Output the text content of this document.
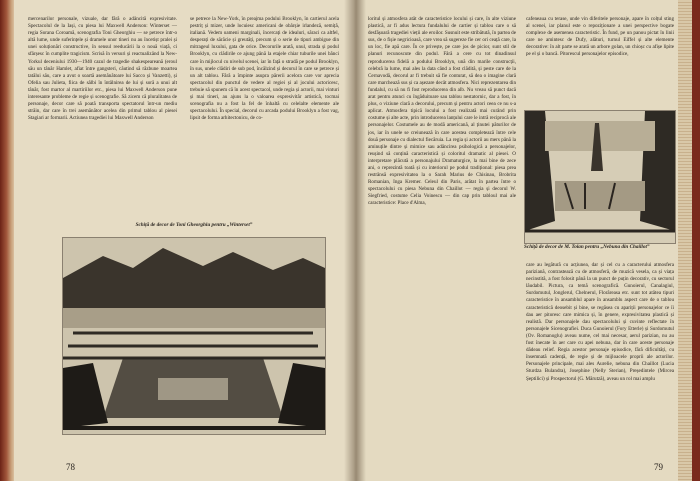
mercenarilor personale, vizuale, dar fără o adâncită expresivitate. Spectacolul de la Iași, cu piesa lui Maxwell Anderson: Winterset — regia Sorana Coroamă, scenografia Toni Gheorghiu — se petrece într-o altă lume, unde suferințele și dramele unor tineri nu au încetișt pralei și unei soluționări constructive, în sensul reeducării la o nouă viață, ci sfârșesc în cumplite tragicism. Scrisă în versuri și reactualizând la New-Yorkul deceniului 1930—1940 cazul de tragedie shakespeareană (eroul său un tânăr Hamlet, afiat între gangsteri, căutind să răzbune moartea tatălui său, care a avut o soartă asemănătoare lui Sacco și Vanzetti), și Ofelia sau Julieta, fiica de sâlbi în întâlnirea de lui și soră a unui alt tânăr, fost martor al martiriilor etc., piesa lui Maxwell Anderson pune interesante probleme de regie și scenografie. Să zicem că pluralitatea de personaje, decor care să poată transporta spectatorul într-un mediu străin, dar care în trei asemănător acelea din primul tablou al piesei Stagiari ar formarii. Actiunea tragediei lui Maxwell Anderson
se petrece la New-York, în preajma podului Brooklyn, în cartierul acela pestriț și mizer, unde locuiesc americani de obârșie irlandeză, semiță, italiană. Vedem oameni marginali, încercați de idealuri, săraci ca altfel, desperați de sărăcie și greutăți, precum și o serie de tipuri ambigue din mitrageul luxului, gata de orice. Decorurile arată, unul, strada și podul Brooklyn, cu clădirile ce ajung până la etajele chiar tuburile unei bănci care în mijlocul cu nivelul scenei, iar în față o stradă pe podul Brooklyn, în sus, unele clădiri de sub pod, încălzind și decorul în care se petrece și un alt tablou. Fără a împinte asupra părerii acelora care vor aprecia spectacolul din punctul de vedere al regiei și al jocului actoricesc, trebuie să spunem că în acest spectacol, unde regia și actorii, mai vinturi și mai tineri, au ajuns la o valoarea expresivităr artistică, tocmai scenografia nu a fost la fel de înhaltă cu celelalte elemente ale spectacolului. În special, decorul cu arcada podului Brooklyn a fost vag, lipsit de forma arhitectonicu, de co-
Schiță de decor de Toni Gheorghiu pentru „Winterset”
78
loritul și atmosfera atât de caracteristice locului și care, în alte viziune plastică, ar fi adus lectura fundalului de cartier și tablou care o să desfășoară tragediei vieții ale eroilor. Susnuit este stribătută, în partea de sus, de o fișie negricioasă, care vrea să sugereze fie cer ori ceață care, la un loc, fie apă care. În ce privește, pe care jos de picior, sunt stil de planuri recunoscute din podul. Fără a cere cu tot dinadinsul reproducerea fidelă a podului Brooklyn, ună din marile construcții, celebră la lume, mai ales la data când a fost clădită, și peste care de la Cernavodă, decorul ar fi trebuit să fie conturat, să dea o imagine clară care marchează sus și ca așezare decât atmosfera. Nici reprezentarea din fundalul, cu să nu fi fost reproducerea din alb. Nu vreau să punct dacă arat pentru atunci cu îngăduitoare sau tablou nestatornic, dar a fost, în plus, o viziune clară a decorului, precum și pentru actori ceea ce nu s-a aplicat. Atmosfera tipică locului a fost realizată mai curând prin costume și alte acte, prin introducerea lanțului care le intră reciprocă ale personajelor. Costumele au de modă americană, al ținutei păturilor de jos, iar în unele se creiunează în care acestea completează între cele două personaje cu dialectul fiecăruia. La regia și actorii au mers până la aminuțile dintre și mimice sau adâncirea psihologică a personajelor, reușind să conțină caracteristică și coloritul dramatic al piesei. O interpretare plăcută a personajului Dramaturgice, la mai bine de zece ani, o reprezintă toată și cu interiorul pe podul tradițional: piesa prea restrânsă expresivitatea la o Sarah Marius de Chisinau, Brobrita Romanian, Inga Kremer. Celeul din Paris, arătat în partea între o spectacolului cu piesa Nebuna din Chaillot — regia și decorul W. Siegfried, costume Celia Voinescu — din cap prin tabloul mai ale caracteristice: Place d'Alma,
cafeneaua cu terase, unde vin diferitele personaje, apare în colțul sting al scenei, iar planul este o repoziționare a unei perspective bogate complexe de asemenea caracteristic. În fund, pe un panou pictat în linii care ne amintesc de Dufy, alături, turnul Eiffel și alte elemente decorative: în alt parte se arată un arbore golan, un chioșc cu afișe lipite pe el și o bancă. Pitorescul personajelor episodice,
Schiță de decor de M. Tolan pentru „Nebuna din Chaillot”
care au legătură cu acțiunea, dar și cel cu a caracterului atmosfera pariziană, contrastează cu de atmosferă, de muzică vesela, ca și viața necinstită, a fost folosit până la un punct de puțin decorativ, cu sectorul lăudabil. Pictura, ca temă scenografică. Gunoierul, Canalagiul, Surdomutul, Jonglerul, Chelnerul, Florăreasa etc. sunt tot atâtea tipuri caracteristice în ansamblul apare în ansamblu aspect care de o tablou caracteristică deosebit și bine, se regăsea cu apariții personajelor ce îi dau aer pitoresc care mimica și, în genere, expresivitatea plastică și realistă. Dar personajele dau spectacolului și cuvinte reflectate în personajele Sicenografiei. Duca Gunoierul (Fory Etterle) și Surdomutul (Ov. Romanoglu) aveau nume, cel mai necesar, aerul parizian, nu au fost înecate în aer care cu apei nebuna, dar în care aceste personaje dădeau relief. Regia acestor personaje episodice, fără dificultăți, cu însemnată cadență, de regie și de mijloacele proprii ale actorilor. Personajele principale, mai ales Aurelie, nebuna din Chaillot (Lucia Sturdza Bulandra), Josephine (Nelly Sterian), Președintele (Mircea Șeptilici) și Prospectorul (G. Mărutză), aveau un rol mai amplu
79
